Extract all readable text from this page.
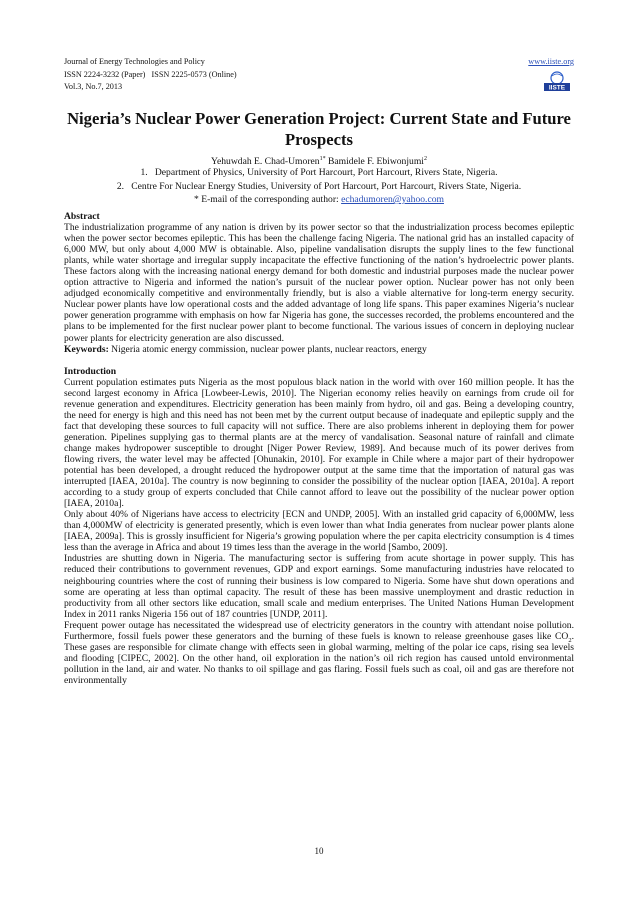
Journal of Energy Technologies and Policy	www.iiste.org
ISSN 2224-3232 (Paper)   ISSN 2225-0573 (Online)
Vol.3, No.7, 2013	IISTE
Nigeria’s Nuclear Power Generation Project: Current State and Future Prospects
Yehuwdah E. Chad-Umoren$^{1*}$ Bamidele F. Ebiwonjumi$^2$
1.   Department of Physics, University of Port Harcourt, Port Harcourt, Rivers State, Nigeria.
2.   Centre For Nuclear Energy Studies, University of Port Harcourt, Port Harcourt, Rivers State, Nigeria.
* E-mail of the corresponding author: echadumoren@yahoo.com

Abstract

The industrialization programme of any nation is driven by its power sector so that the industrialization process becomes epileptic when the power sector becomes epileptic. This has been the challenge facing Nigeria. The national grid has an installed capacity of 6,000 MW, but only about 4,000 MW is obtainable. Also, pipeline vandalisation disrupts the supply lines to the few functional plants, while water shortage and irregular supply incapacitate the effective functioning of the nation’s hydroelectric power plants. These factors along with the increasing national energy demand for both domestic and industrial purposes made the nuclear power option attractive to Nigeria and informed the nation’s pursuit of the nuclear power option. Nuclear power has not only been adjudged economically competitive and environmentally friendly, but is also a viable alternative for long-term energy security. Nuclear power plants have low operational costs and the added advantage of long life spans. This paper examines Nigeria’s nuclear power generation programme with emphasis on how far Nigeria has gone, the successes recorded, the problems encountered and the plans to be implemented for the first nuclear power plant to become functional. The various issues of concern in deploying nuclear power plants for electricity generation are also discussed.

Keywords: Nigeria atomic energy commission, nuclear power plants, nuclear reactors, energy

Introduction

Current population estimates puts Nigeria as the most populous black nation in the world with over 160 million people. It has the second largest economy in Africa [Lowbeer-Lewis, 2010]. The Nigerian economy relies heavily on earnings from crude oil for revenue generation and expenditures. Electricity generation has been mainly from hydro, oil and gas. Being a developing country, the need for energy is high and this need has not been met by the current output because of inadequate and epileptic supply and the fact that developing these sources to full capacity will not suffice. There are also problems inherent in deploying them for power generation. Pipelines supplying gas to thermal plants are at the mercy of vandalisation. Seasonal nature of rainfall and climate change makes hydropower susceptible to drought [Niger Power Review, 1989]. And because much of its power derives from flowing rivers, the water level may be affected [Ohunakin, 2010]. For example in Chile where a major part of their hydropower potential has been developed, a drought reduced the hydropower output at the same time that the importation of natural gas was interrupted [IAEA, 2010a]. The country is now beginning to consider the possibility of the nuclear option [IAEA, 2010a]. A report according to a study group of experts concluded that Chile cannot afford to leave out the possibility of the nuclear power option [IAEA, 2010a].

Only about 40% of Nigerians have access to electricity [ECN and UNDP, 2005]. With an installed grid capacity of 6,000MW, less than 4,000MW of electricity is generated presently, which is even lower than what India generates from nuclear power plants alone [IAEA, 2009a]. This is grossly insufficient for Nigeria’s growing population where the per capita electricity consumption is 4 times less than the average in Africa and about 19 times less than the average in the world [Sambo, 2009].

Industries are shutting down in Nigeria. The manufacturing sector is suffering from acute shortage in power supply. This has reduced their contributions to government revenues, GDP and export earnings. Some manufacturing industries have relocated to neighbouring countries where the cost of running their business is low compared to Nigeria. Some have shut down operations and some are operating at less than optimal capacity. The result of these has been massive unemployment and drastic reduction in productivity from all other sectors like education, small scale and medium enterprises. The United Nations Human Development Index in 2011 ranks Nigeria 156 out of 187 countries [UNDP, 2011].

Frequent power outage has necessitated the widespread use of electricity generators in the country with attendant noise pollution. Furthermore, fossil fuels power these generators and the burning of these fuels is known to release greenhouse gases like $CO_2$. These gases are responsible for climate change with effects seen in global warming, melting of the polar ice caps, rising sea levels and flooding [CIPEC, 2002]. On the other hand, oil exploration in the nation’s oil rich region has caused untold environmental pollution in the land, air and water. No thanks to oil spillage and gas flaring. Fossil fuels such as coal, oil and gas are therefore not environmentally

10
